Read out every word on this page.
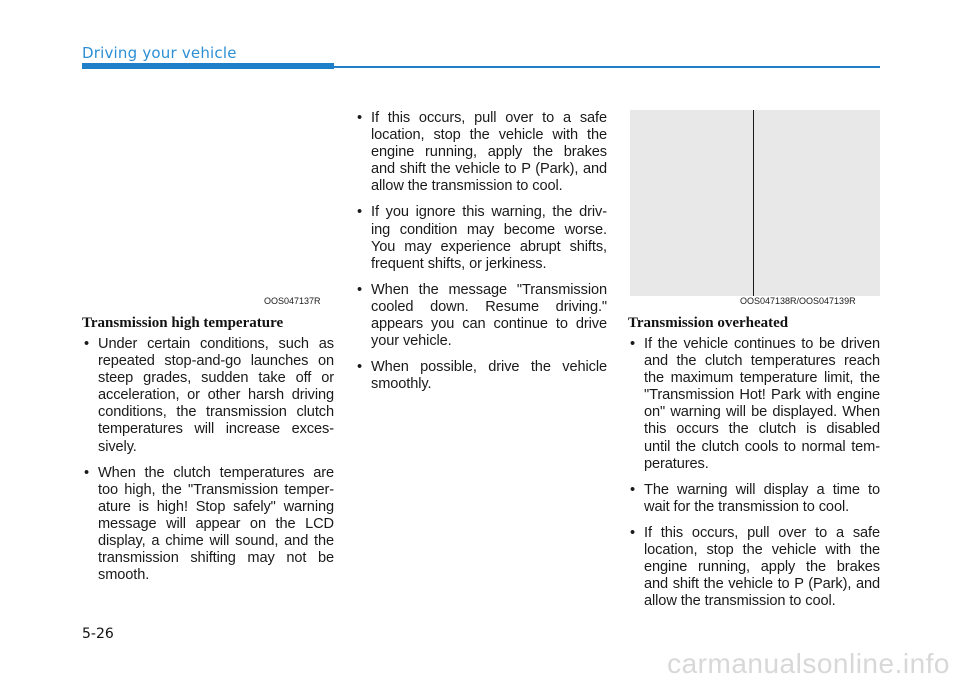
Driving your vehicle
OOS047137R	OOS047138R/OOS047139R
Transmission high temperature
• Under certain conditions, such as repeated stop-and-go launches on steep grades, sudden take off or acceleration, or other harsh driving conditions, the transmission clutch temperatures will increase exces-sively.
• When the clutch temperatures are too high, the "Transmission temper-ature is high! Stop safely" warning message will appear on the LCD display, a chime will sound, and the transmission shifting may not be smooth.
• If this occurs, pull over to a safe location, stop the vehicle with the engine running, apply the brakes and shift the vehicle to P (Park), and allow the transmission to cool.
• If you ignore this warning, the driv-ing condition may become worse. You may experience abrupt shifts, frequent shifts, or jerkiness.
• When the message "Transmission cooled down. Resume driving." appears you can continue to drive your vehicle.
• When possible, drive the vehicle smoothly.
Transmission overheated
• If the vehicle continues to be driven and the clutch temperatures reach the maximum temperature limit, the "Transmission Hot! Park with engine on" warning will be displayed. When this occurs the clutch is disabled until the clutch cools to normal tem-peratures.
• The warning will display a time to wait for the transmission to cool.
• If this occurs, pull over to a safe location, stop the vehicle with the engine running, apply the brakes and shift the vehicle to P (Park), and allow the transmission to cool.
5-26
carmanualsonline.info
